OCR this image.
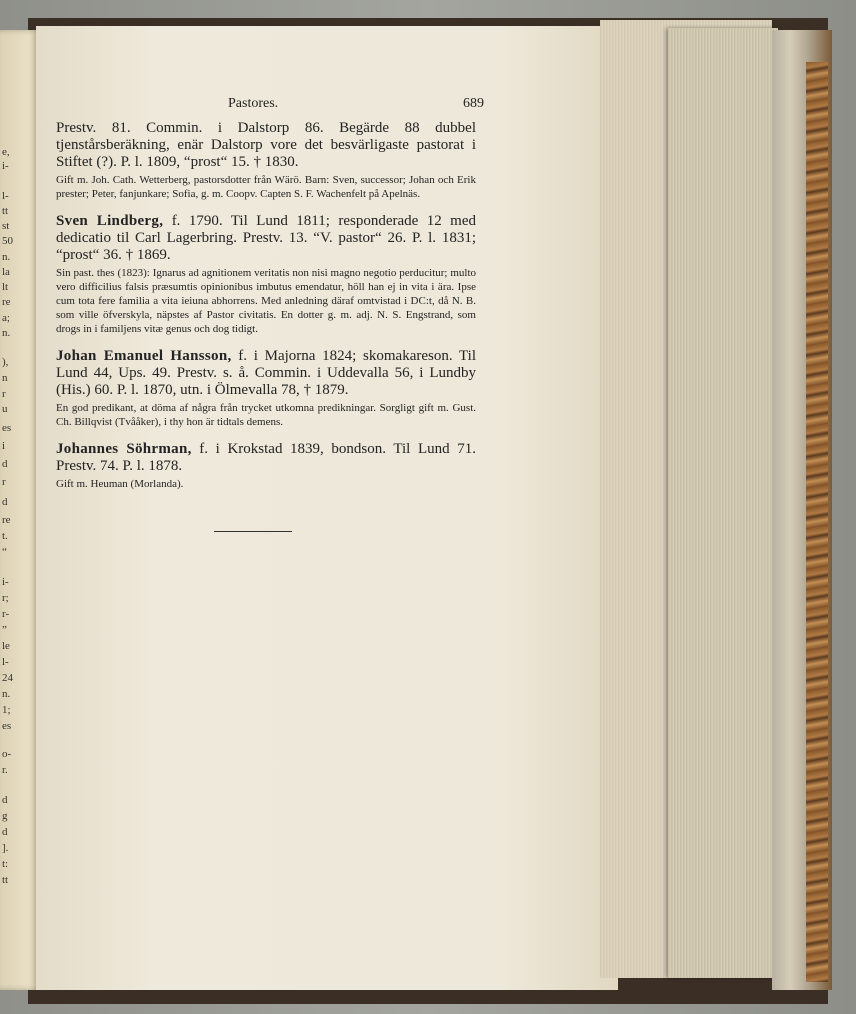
e,
i-
l-
tt
st
50
n.
la
lt
re
a;
n.
),
n
r
u
es
i
d
r
d
re
t.
“
i-
r;
r-
”
le
l-
24
n.
1;
es
o-
r.
d
g
d
].
t:
tt
Pastores.	689

Prestv. 81. Commin. i Dalstorp 86. Begärde 88 dubbel tjenstårsberäkning, enär Dalstorp vore det besvärligaste pastorat i Stiftet (?). P. l. 1809, “prost“ 15. † 1830.

Gift m. Joh. Cath. Wetterberg, pastorsdotter från Wärö. Barn: Sven, successor; Johan och Erik prester; Peter, fanjunkare; Sofia, g. m. Coopv. Capten S. F. Wachenfelt på Apelnäs.

Sven Lindberg, f. 1790. Til Lund 1811; responderade 12 med dedicatio til Carl Lagerbring. Prestv. 13. “V. pastor“ 26. P. l. 1831; “prost“ 36. † 1869.

Sin past. thes (1823): Ignarus ad agnitionem veritatis non nisi magno negotio perducitur; multo vero difficilius falsis præsumtis opinionibus imbutus emendatur, höll han ej in vita i ära. Ipse cum tota fere familia a vita ieiuna abhorrens. Med anledning däraf omtvistad i DC:t, då N. B. som ville öfverskyla, näpstes af Pastor civitatis. En dotter g. m. adj. N. S. Engstrand, som drogs in i familjens vitæ genus och dog tidigt.

Johan Emanuel Hansson, f. i Majorna 1824; skomakareson. Til Lund 44, Ups. 49. Prestv. s. å. Commin. i Uddevalla 56, i Lundby (His.) 60. P. l. 1870, utn. i Ölmevalla 78, † 1879.

En god predikant, at döma af några från trycket utkomna predikningar. Sorgligt gift m. Gust. Ch. Billqvist (Tvååker), i thy hon är tidtals demens.

Johannes Söhrman, f. i Krokstad 1839, bondson. Til Lund 71. Prestv. 74. P. l. 1878.

Gift m. Heuman (Morlanda).
